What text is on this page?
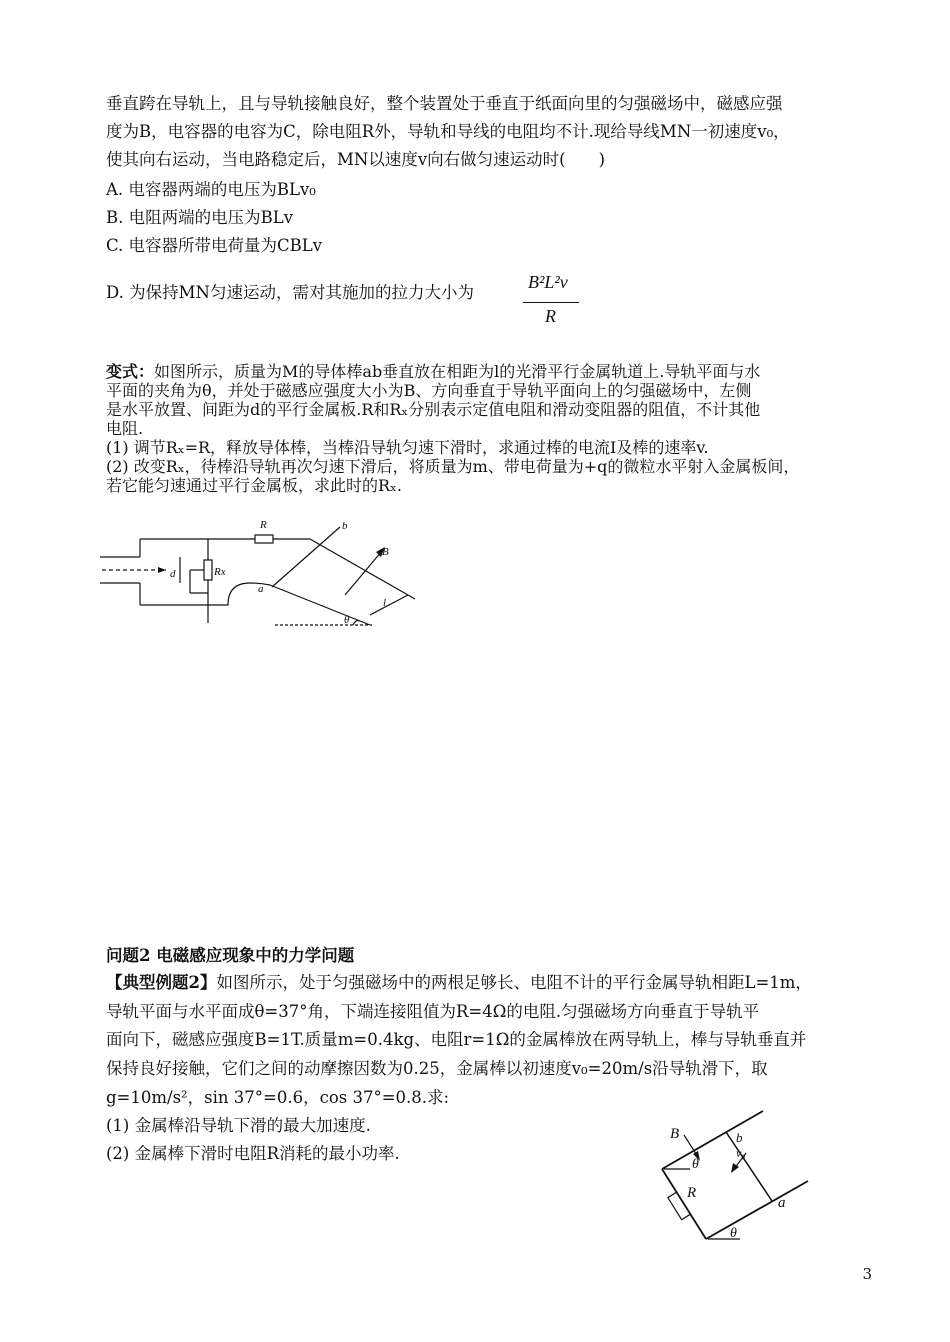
垂直跨在导轨上，且与导轨接触良好，整个装置处于垂直于纸面向里的匀强磁场中，磁感应强
度为B，电容器的电容为C，除电阻R外，导轨和导线的电阻均不计.现给导线MN一初速度v₀，
使其向右运动，当电路稳定后，MN以速度v向右做匀速运动时(　　)
A. 电容器两端的电压为BLv₀
B. 电阻两端的电压为BLv
C. 电容器所带电荷量为CBLv
D. 为保持MN匀速运动，需对其施加的拉力大小为
B²L²v
R
变式：如图所示，质量为M的导体棒ab垂直放在相距为l的光滑平行金属轨道上.导轨平面与水
平面的夹角为θ，并处于磁感应强度大小为B、方向垂直于导轨平面向上的匀强磁场中，左侧
是水平放置、间距为d的平行金属板.R和Rₓ分别表示定值电阻和滑动变阻器的阻值，不计其他
电阻.
(1) 调节Rₓ=R，释放导体棒，当棒沿导轨匀速下滑时，求通过棒的电流I及棒的速率v.
(2) 改变Rₓ，待棒沿导轨再次匀速下滑后，将质量为m、带电荷量为+q的微粒水平射入金属板间，
若它能匀速通过平行金属板，求此时的Rₓ.
R	b
B
Rx
d
a
l
θ
问题2 电磁感应现象中的力学问题
【典型例题2】如图所示，处于匀强磁场中的两根足够长、电阻不计的平行金属导轨相距L=1m，
导轨平面与水平面成θ=37°角，下端连接阻值为R=4Ω的电阻.匀强磁场方向垂直于导轨平
面向下，磁感应强度B=1T.质量m=0.4kg、电阻r=1Ω的金属棒放在两导轨上，棒与导轨垂直并
保持良好接触，它们之间的动摩擦因数为0.25，金属棒以初速度v₀=20m/s沿导轨滑下，取
g=10m/s²，sin 37°=0.6，cos 37°=0.8.求:
(1) 金属棒沿导轨下滑的最大加速度.
(2) 金属棒下滑时电阻R消耗的最小功率.
B	b
v₀
R
a
θ
θ
3
